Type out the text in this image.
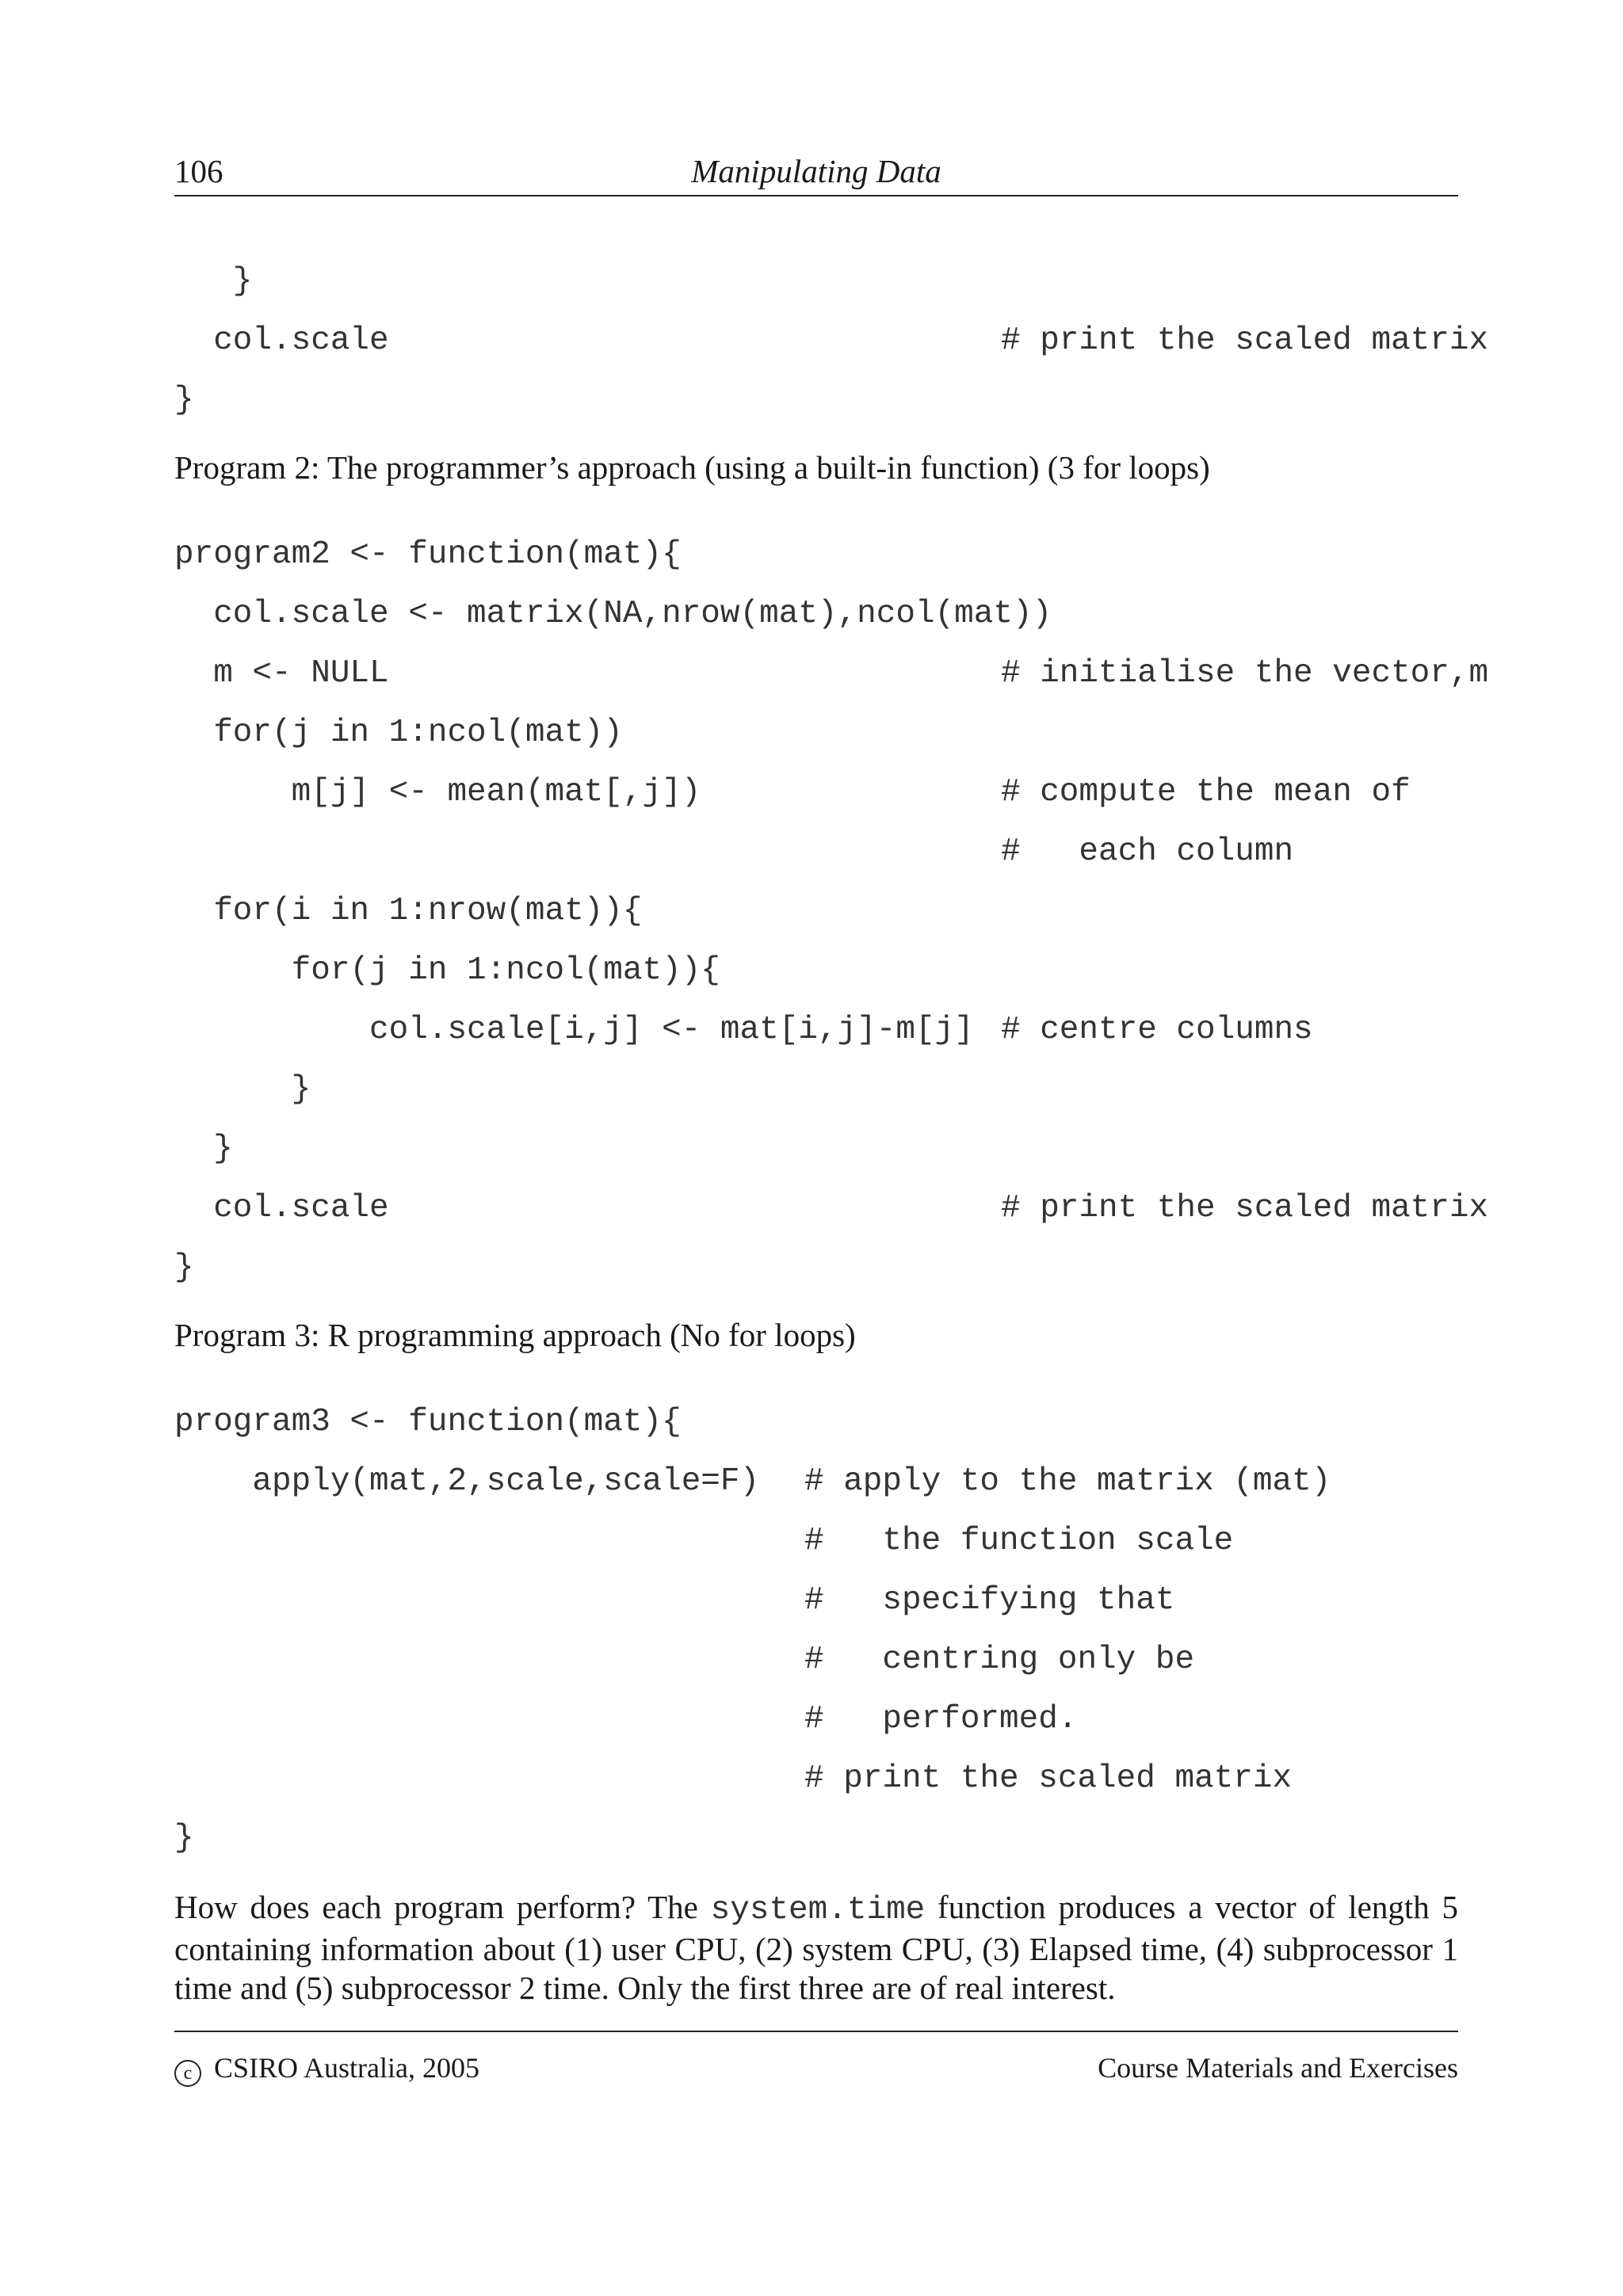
106	Manipulating Data
}
col.scale	# print the scaled matrix
}
Program 2: The programmer’s approach (using a built-in function) (3 for loops)
program2 <- function(mat){
col.scale <- matrix(NA,nrow(mat),ncol(mat))
m <- NULL	# initialise the vector,m
for(j in 1:ncol(mat))
m[j] <- mean(mat[,j])	# compute the mean of
#   each column
for(i in 1:nrow(mat)){
for(j in 1:ncol(mat)){
col.scale[i,j] <- mat[i,j]-m[j] # centre columns
}
}
col.scale	# print the scaled matrix
}
Program 3: R programming approach (No for loops)
program3 <- function(mat){
apply(mat,2,scale,scale=F) # apply to the matrix (mat)
#   the function scale
#   specifying that
#   centring only be
#   performed.
# print the scaled matrix
}
How does each program perform? The system.time function produces a vector of length 5 containing information about (1) user CPU, (2) system CPU, (3) Elapsed time, (4) subprocessor 1 time and (5) subprocessor 2 time. Only the first three are of real interest.
c CSIRO Australia, 2005	Course Materials and Exercises
